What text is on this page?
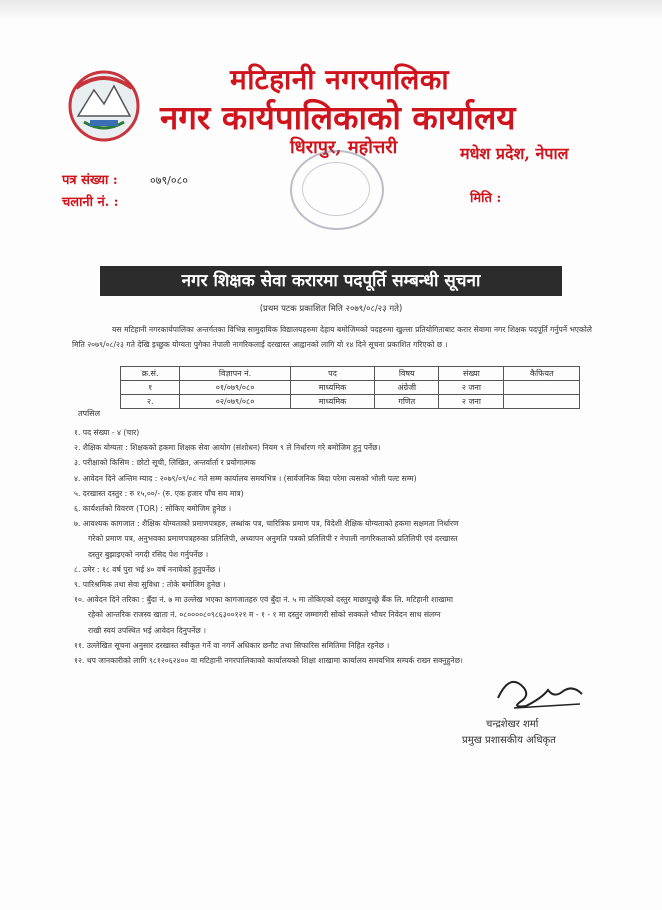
मटिहानी नगरपालिका
नगर कार्यपालिकाको कार्यालय
धिरापुर, महोत्तरी	मधेश प्रदेश, नेपाल
पत्र संख्या :	०७९/०८०
चलानी नं. :	मिति :
नगर शिक्षक सेवा करारमा पदपूर्ति सम्बन्धी सूचना
(प्रथम पटक प्रकाशित मिति २०७९/०८/२३ गते)
यस मटिहानी नगरकार्यपालिका अन्तर्गतका विभिन्न सामुदायिक विद्यालयहरुमा देहाय बमोजिमको पदहरुमा खुल्ला प्रतियोगिताबाट करार सेवामा नगर शिक्षक पदपूर्ति गर्नुपर्ने भएकोले मिति २०७९/०८/२३ गते देखि इच्छुक योग्यता पुगेका नेपाली नागरिकलाई दरखास्त आह्वानको लागि यो १४ दिने सूचना प्रकाशित गरिएको छ ।
क्र.सं.	विज्ञापन नं.	पद	विषय	संख्या	कैफियत
१	०१/०७९/०८०	माध्यमिक	अंग्रेजी	२ जना	
२.	०२/०७९/०८०	माध्यमिक	गणित	२ जना	
तपसिल
१. पद संख्या - ४ (चार)
२. शैक्षिक योग्यता : शिक्षकको हकमा शिक्षक सेवा आयोग (संशोधन) नियम ९ ले निर्धारण गरे बमोजिम हुनु पर्नेछ।
३. परीक्षाको किसिम : छोटो सूची, लिखित, अन्तर्वार्ता र प्रयोगात्मक
४. आवेदन दिने अन्तिम म्याद : २०७९/०९/०८ गते सम्म कार्यालय समयभित्र । (सार्वजनिक बिदा परेमा त्यसको भोली पल्ट सम्म)
५. दरखास्त दस्तुर : रु १५,००/- (रु. एक हजार पाँच सय मात्र)
६. कार्यशर्तको विवरण (TOR) : सोकिए बमोजिम हुनेछ ।
७. आवश्यक कागजात : शैक्षिक योग्यताको प्रमाणपत्रहरु, लब्धांक पत्र, चारित्रिक प्रमाण पत्र, विदेशी शैक्षिक योग्यताको हकमा सक्षमता निर्धारण
गरेको प्रमाण पत्र, अनुभवका प्रमाणपत्रहरुका प्रतिलिपी, अध्यापन अनुमति पत्रको प्रतिलिपी र नेपाली नागरिकताको प्रतिलिपी एवं दरखास्त
दस्तुर बुझाइएको नगदी रसिद पेश गर्नुपर्नेछ ।
८. उमेर : १८ वर्ष पुरा भई ४० वर्ष ननाघेको हुनुपर्नेछ ।
९. पारिश्रमिक तथा सेवा सुविधा : तोके बमोजिम हुनेछ ।
१०. आवेदन दिने तरिका : बुँदा नं. ७ मा उल्लेख भएका कागजातहरु एवं बुँदा नं. ५ मा तोकिएको दस्तुर माछापुच्छ्रे बैंक लि. मटिहानी शाखामा
रहेको आन्तरिक राजस्व खाता नं. ०८००००८०९८६३००१२१ म - १ - १ मा दस्तुर जम्मागरी सोको सक्कले भौचर निवेदन साथ संलग्न
राखी स्वयं उपस्थित भई आवेदन दिनुपर्नेछ ।
११. उल्लेखित सूचना अनुसार दरखास्त स्वीकृत गर्ने वा नगर्ने अधिकार छनौट तथा सिफारिस समितिमा निहित रहनेछ ।
१२. थप जानकारीको लागि ९८१२०६२४०० वा मटिहानी नगरपालिकाको कार्यालयको शिक्षा शाखामा कार्यालय समयभित्र सम्पर्क राख्न सक्नुहुनेछ।
चन्द्रशेखर शर्मा
प्रमुख प्रशासकीय अधिकृत
